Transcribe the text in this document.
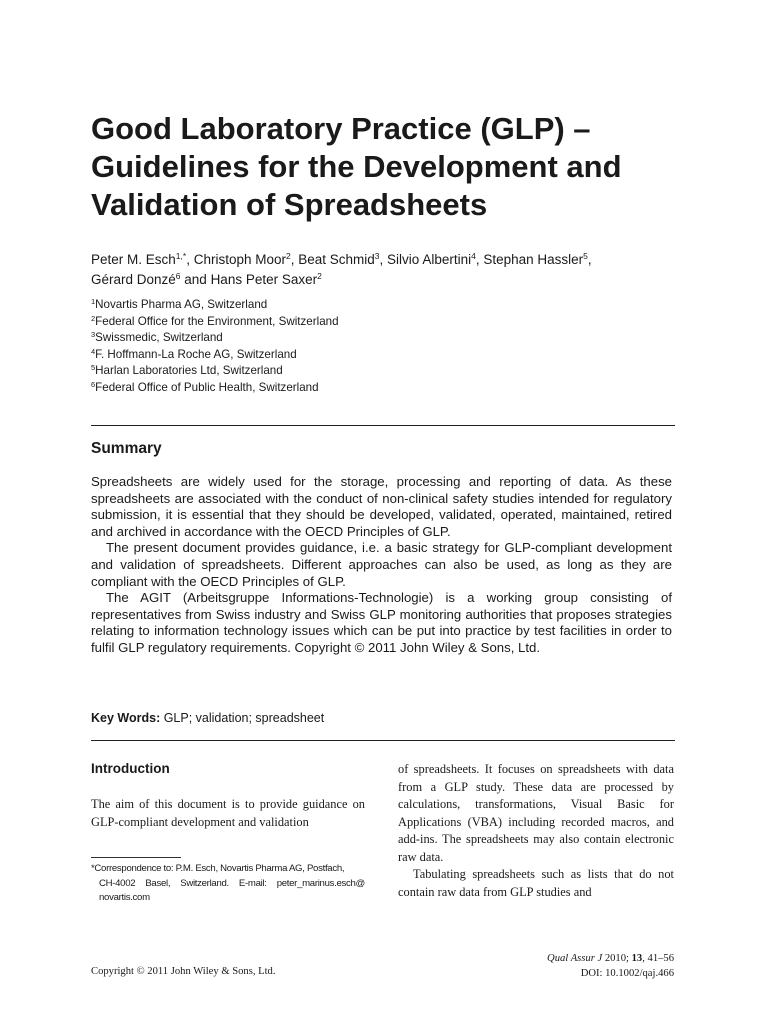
Good Laboratory Practice (GLP) –
Guidelines for the Development and
Validation of Spreadsheets
Peter M. Esch$^{1,*}$, Christoph Moor$^2$, Beat Schmid$^3$, Silvio Albertini$^4$, Stephan Hassler$^5$,
Gérard Donzé$^6$ and Hans Peter Saxer$^2$
$^1$Novartis Pharma AG, Switzerland
$^2$Federal Office for the Environment, Switzerland
$^3$Swissmedic, Switzerland
$^4$F. Hoffmann-La Roche AG, Switzerland
$^5$Harlan Laboratories Ltd, Switzerland
$^6$Federal Office of Public Health, Switzerland
Summary

Spreadsheets are widely used for the storage, processing and reporting of data. As these spreadsheets are associated with the conduct of non-clinical safety studies intended for regulatory submission, it is essential that they should be developed, validated, operated, maintained, retired and archived in accordance with the OECD Principles of GLP.

The present document provides guidance, i.e. a basic strategy for GLP-compliant development and validation of spreadsheets. Different approaches can also be used, as long as they are compliant with the OECD Principles of GLP.

The AGIT (Arbeitsgruppe Informations-Technologie) is a working group consisting of representatives from Swiss industry and Swiss GLP monitoring authorities that proposes strategies relating to information technology issues which can be put into practice by test facilities in order to fulfil GLP regulatory requirements. Copyright © 2011 John Wiley & Sons, Ltd.

Key Words: GLP; validation; spreadsheet
Introduction
The aim of this document is to provide guidance on GLP-compliant development and validation
*Correspondence to: P.M. Esch, Novartis Pharma AG, Postfach,
CH-4002 Basel, Switzerland. E-mail: peter_marinus.esch@ novartis.com

of spreadsheets. It focuses on spreadsheets with data from a GLP study. These data are processed by calculations, transformations, Visual Basic for Applications (VBA) including recorded macros, and add-ins. The spreadsheets may also contain electronic raw data.

Tabulating spreadsheets such as lists that do not contain raw data from GLP studies and

Copyright © 2011 John Wiley & Sons, Ltd.
Qual Assur J 2010; 13, 41–56
DOI: 10.1002/qaj.466
